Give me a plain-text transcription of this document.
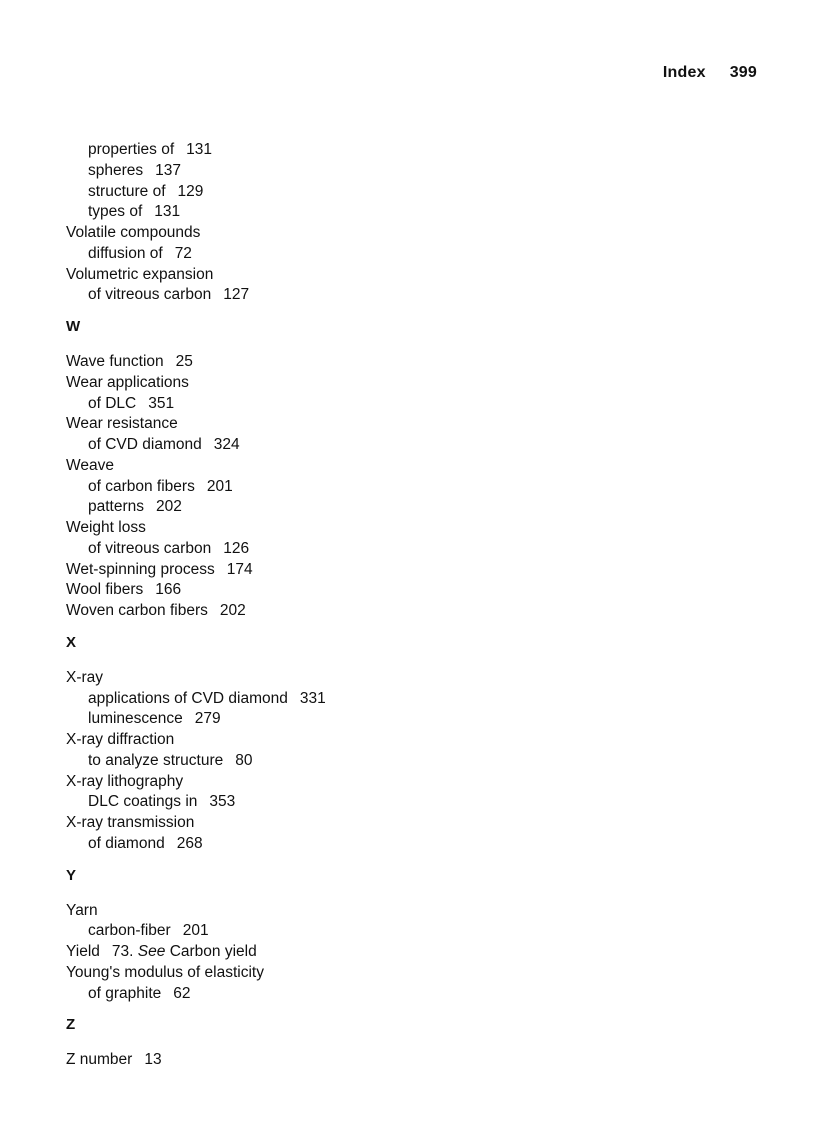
Index 399
properties of 131
spheres 137
structure of 129
types of 131
Volatile compounds
diffusion of 72
Volumetric expansion
of vitreous carbon 127
W
Wave function 25
Wear applications
of DLC 351
Wear resistance
of CVD diamond 324
Weave
of carbon fibers 201
patterns 202
Weight loss
of vitreous carbon 126
Wet-spinning process 174
Wool fibers 166
Woven carbon fibers 202
X
X-ray
applications of CVD diamond 331
luminescence 279
X-ray diffraction
to analyze structure 80
X-ray lithography
DLC coatings in 353
X-ray transmission
of diamond 268
Y
Yarn
carbon-fiber 201
Yield 73. See Carbon yield
Young's modulus of elasticity
of graphite 62
Z
Z number 13
